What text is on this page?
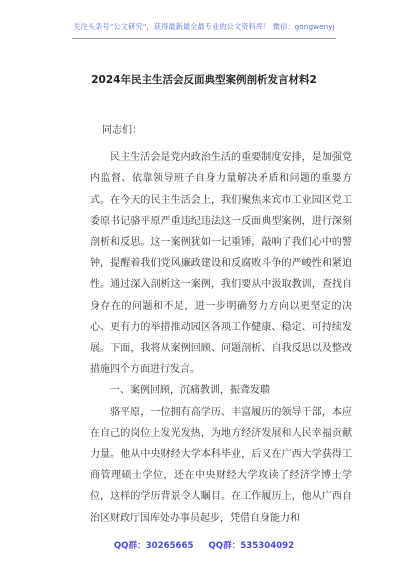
关注头条号“公文研究”，获得最新最全最专业的公文资料库！ 微信：gongwenyj
2024年民主生活会反面典型案例剖析发言材料2

同志们：

民主生活会是党内政治生活的重要制度安排，是加强党内监督、依靠领导班子自身力量解决矛盾和问题的重要方式。在今天的民主生活会上，我们聚焦来宾市工业园区党工委原书记骆平原严重违纪违法这一反面典型案例，进行深刻剖析和反思。这一案例犹如一记重锤，敲响了我们心中的警钟，提醒着我们党风廉政建设和反腐败斗争的严峻性和紧迫性。通过深入剖析这一案例，我们要从中汲取教训，查找自身存在的问题和不足，进一步明确努力方向以更坚定的决心、更有力的举措推动园区各项工作健康、稳定、可持续发展。下面，我将从案例回顾、问题剖析、自我反思以及整改措施四个方面进行发言。

一、案例回顾，沉痛教训，振聋发聩

骆平原，一位拥有高学历、丰富履历的领导干部，本应在自己的岗位上发光发热，为地方经济发展和人民幸福贡献力量。他从中央财经大学本科毕业，后又在广西大学获得工商管理硕士学位，还在中央财经大学攻读了经济学博士学位，这样的学历背景令人瞩目。在工作履历上，他从广西自治区财政厅国库处办事员起步，凭借自身能力和

QQ群：30265665 QQ群：535304092
